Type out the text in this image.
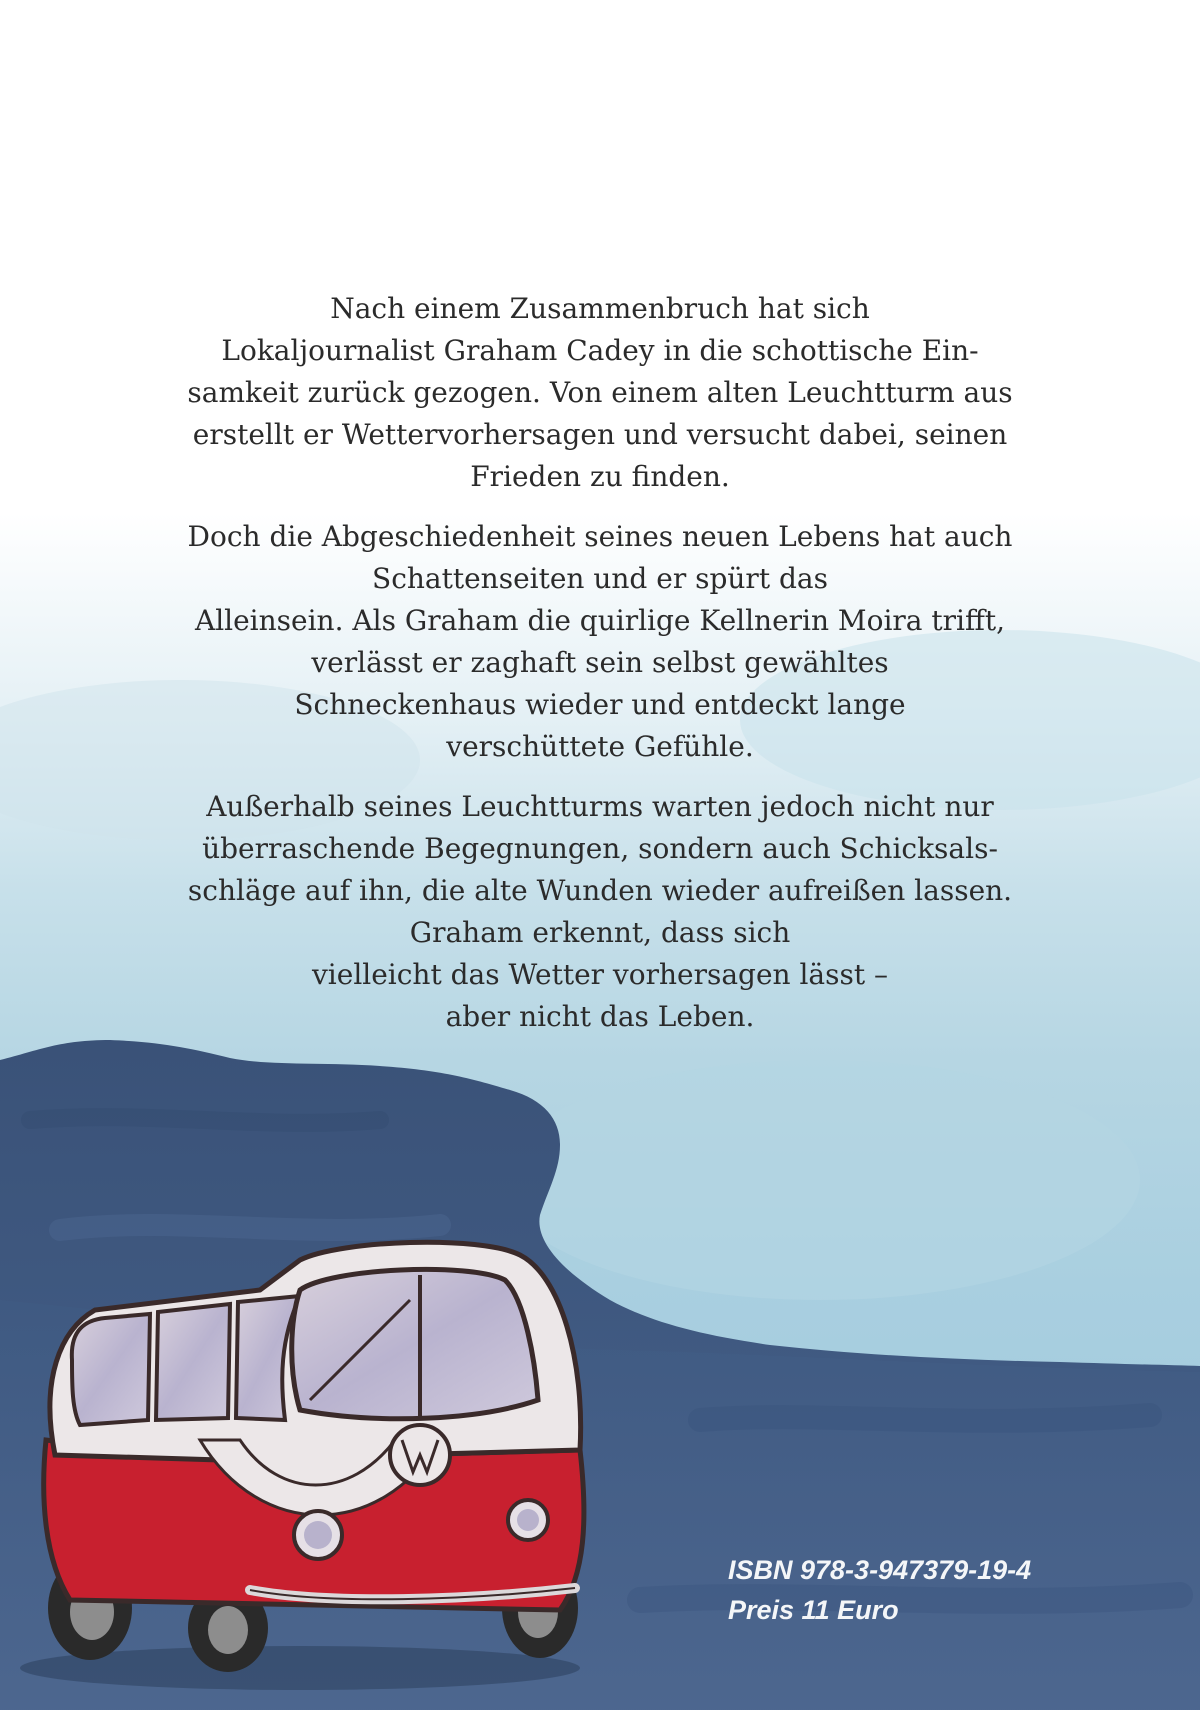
Nach einem Zusammenbruch hat sich
Lokaljournalist Graham Cadey in die schottische Ein-
samkeit zurück gezogen. Von einem alten Leuchtturm aus
erstellt er Wettervorhersagen und versucht dabei, seinen
Frieden zu finden.

Doch die Abgeschiedenheit seines neuen Lebens hat auch
Schattenseiten und er spürt das
Alleinsein. Als Graham die quirlige Kellnerin Moira trifft,
verlässt er zaghaft sein selbst gewähltes
Schneckenhaus wieder und entdeckt lange
verschüttete Gefühle.

Außerhalb seines Leuchtturms warten jedoch nicht nur
überraschende Begegnungen, sondern auch Schicksals-
schläge auf ihn, die alte Wunden wieder aufreißen lassen.
Graham erkennt, dass sich
vielleicht das Wetter vorhersagen lässt –
aber nicht das Leben.

ISBN 978-3-947379-19-4
Preis 11 Euro
